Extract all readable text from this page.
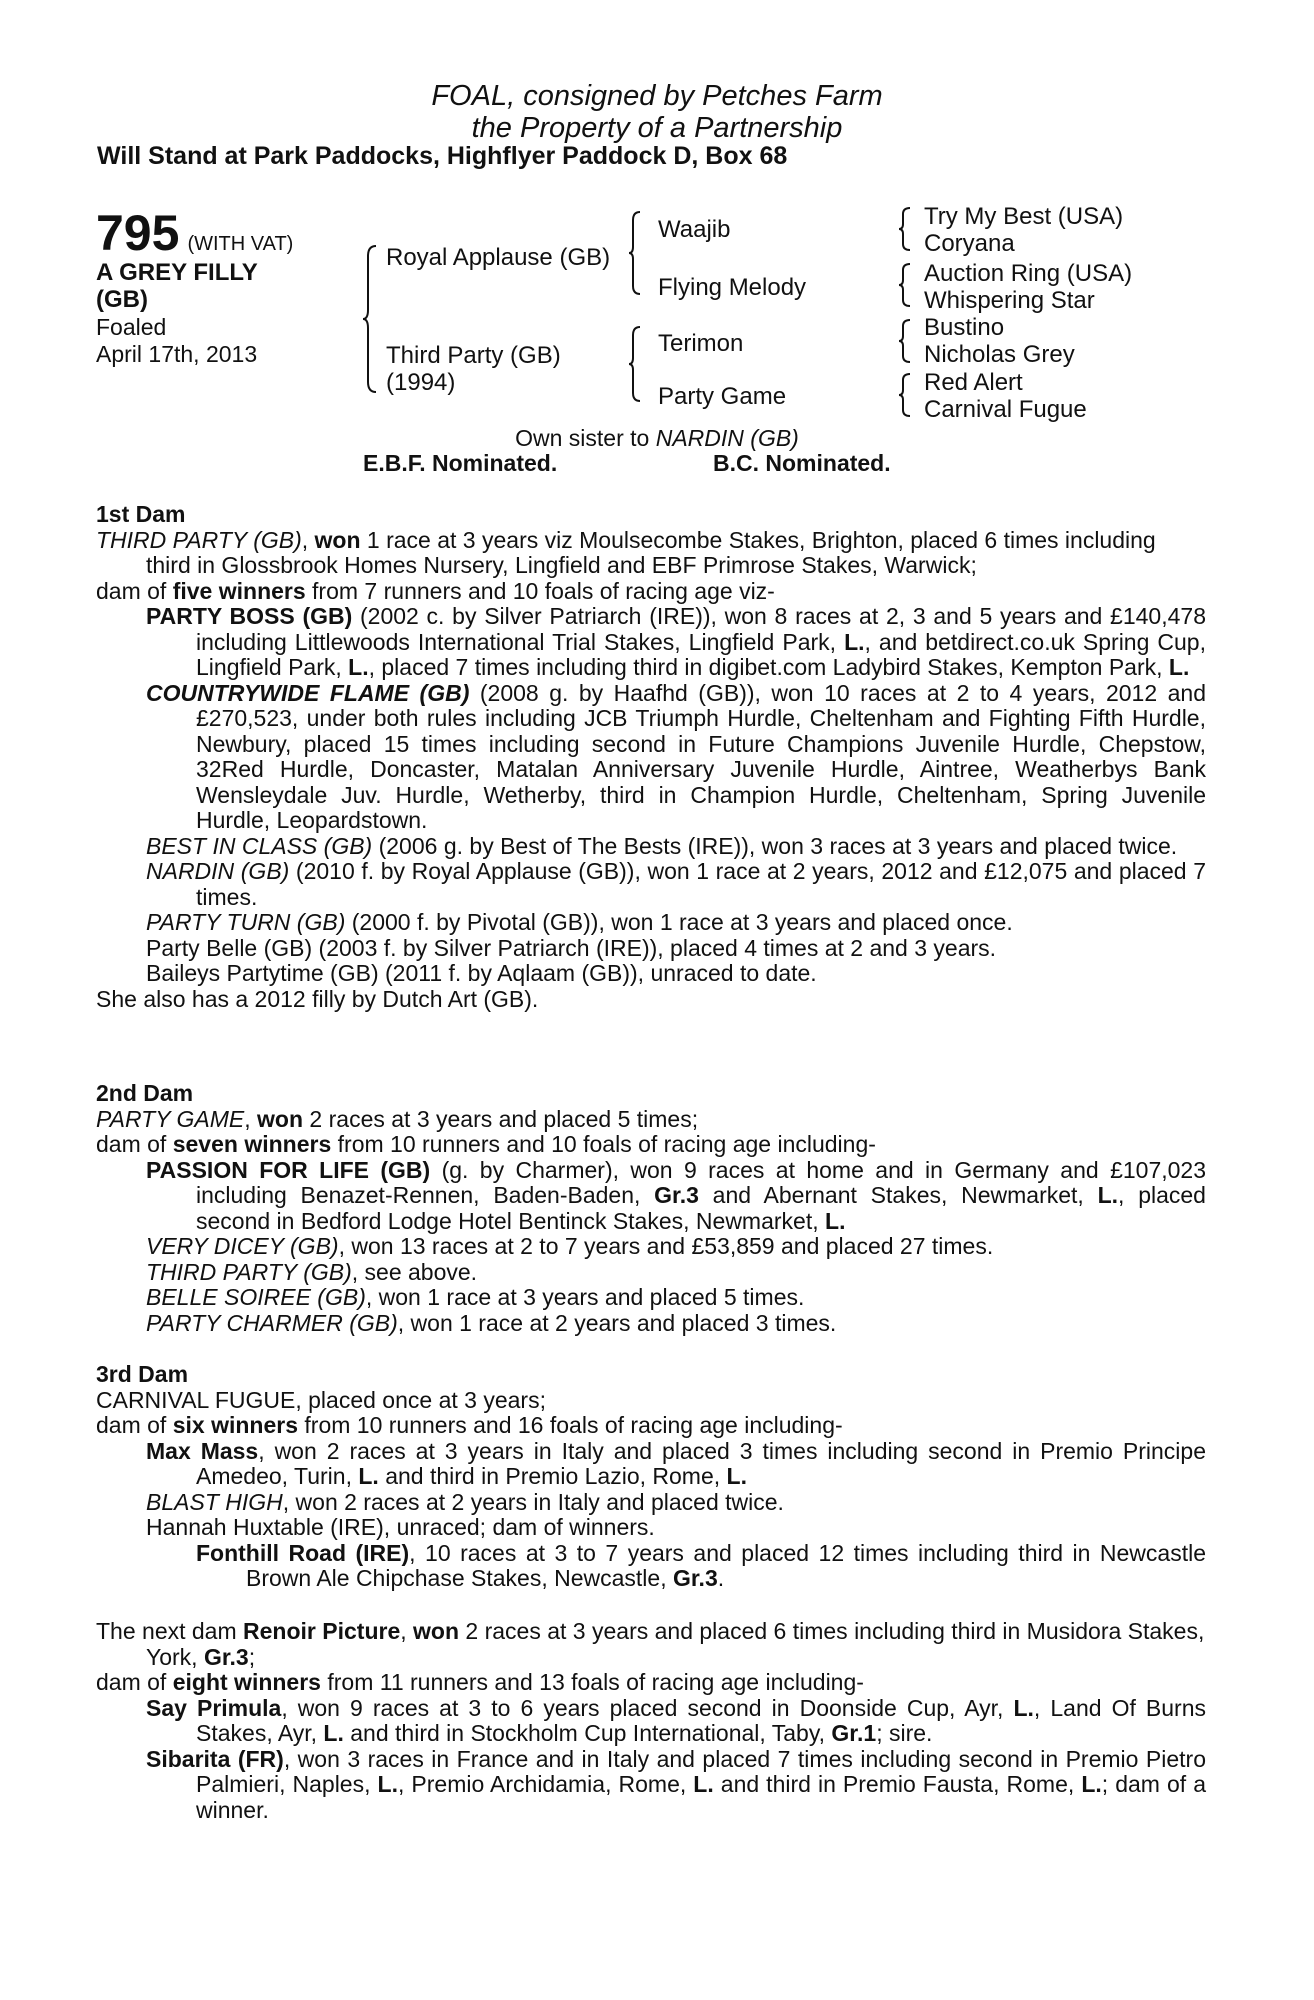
FOAL, consigned by Petches Farm
the Property of a Partnership
Will Stand at Park Paddocks, Highflyer Paddock D, Box 68
795 (WITH VAT)
A GREY FILLY
(GB)
Foaled
April 17th, 2013
Royal Applause (GB)
Third Party (GB)
(1994)
Waajib
Flying Melody
Terimon
Party Game
Try My Best (USA)
Coryana
Auction Ring (USA)
Whispering Star
Bustino
Nicholas Grey
Red Alert
Carnival Fugue
Own sister to NARDIN (GB)
E.B.F. Nominated.	B.C. Nominated.

1st Dam

THIRD PARTY (GB), won 1 race at 3 years viz Moulsecombe Stakes, Brighton, placed 6 times including third in Glossbrook Homes Nursery, Lingfield and EBF Primrose Stakes, Warwick;

dam of five winners from 7 runners and 10 foals of racing age viz-

PARTY BOSS (GB) (2002 c. by Silver Patriarch (IRE)), won 8 races at 2, 3 and 5 years and £140,478 including Littlewoods International Trial Stakes, Lingfield Park, L., and betdirect.co.uk Spring Cup, Lingfield Park, L., placed 7 times including third in digibet.com Ladybird Stakes, Kempton Park, L.

COUNTRYWIDE FLAME (GB) (2008 g. by Haafhd (GB)), won 10 races at 2 to 4 years, 2012 and £270,523, under both rules including JCB Triumph Hurdle, Cheltenham and Fighting Fifth Hurdle, Newbury, placed 15 times including second in Future Champions Juvenile Hurdle, Chepstow, 32Red Hurdle, Doncaster, Matalan Anniversary Juvenile Hurdle, Aintree, Weatherbys Bank Wensleydale Juv. Hurdle, Wetherby, third in Champion Hurdle, Cheltenham, Spring Juvenile Hurdle, Leopardstown.

BEST IN CLASS (GB) (2006 g. by Best of The Bests (IRE)), won 3 races at 3 years and placed twice.

NARDIN (GB) (2010 f. by Royal Applause (GB)), won 1 race at 2 years, 2012 and £12,075 and placed 7 times.

PARTY TURN (GB) (2000 f. by Pivotal (GB)), won 1 race at 3 years and placed once.

Party Belle (GB) (2003 f. by Silver Patriarch (IRE)), placed 4 times at 2 and 3 years.

Baileys Partytime (GB) (2011 f. by Aqlaam (GB)), unraced to date.

She also has a 2012 filly by Dutch Art (GB).

2nd Dam

PARTY GAME, won 2 races at 3 years and placed 5 times;

dam of seven winners from 10 runners and 10 foals of racing age including-

PASSION FOR LIFE (GB) (g. by Charmer), won 9 races at home and in Germany and £107,023 including Benazet-Rennen, Baden-Baden, Gr.3 and Abernant Stakes, Newmarket, L., placed second in Bedford Lodge Hotel Bentinck Stakes, Newmarket, L.

VERY DICEY (GB), won 13 races at 2 to 7 years and £53,859 and placed 27 times.

THIRD PARTY (GB), see above.

BELLE SOIREE (GB), won 1 race at 3 years and placed 5 times.

PARTY CHARMER (GB), won 1 race at 2 years and placed 3 times.

3rd Dam

CARNIVAL FUGUE, placed once at 3 years;

dam of six winners from 10 runners and 16 foals of racing age including-

Max Mass, won 2 races at 3 years in Italy and placed 3 times including second in Premio Principe Amedeo, Turin, L. and third in Premio Lazio, Rome, L.

BLAST HIGH, won 2 races at 2 years in Italy and placed twice.

Hannah Huxtable (IRE), unraced; dam of winners.

Fonthill Road (IRE), 10 races at 3 to 7 years and placed 12 times including third in Newcastle Brown Ale Chipchase Stakes, Newcastle, Gr.3.

The next dam Renoir Picture, won 2 races at 3 years and placed 6 times including third in Musidora Stakes, York, Gr.3;

dam of eight winners from 11 runners and 13 foals of racing age including-

Say Primula, won 9 races at 3 to 6 years placed second in Doonside Cup, Ayr, L., Land Of Burns Stakes, Ayr, L. and third in Stockholm Cup International, Taby, Gr.1; sire.

Sibarita (FR), won 3 races in France and in Italy and placed 7 times including second in Premio Pietro Palmieri, Naples, L., Premio Archidamia, Rome, L. and third in Premio Fausta, Rome, L.; dam of a winner.
